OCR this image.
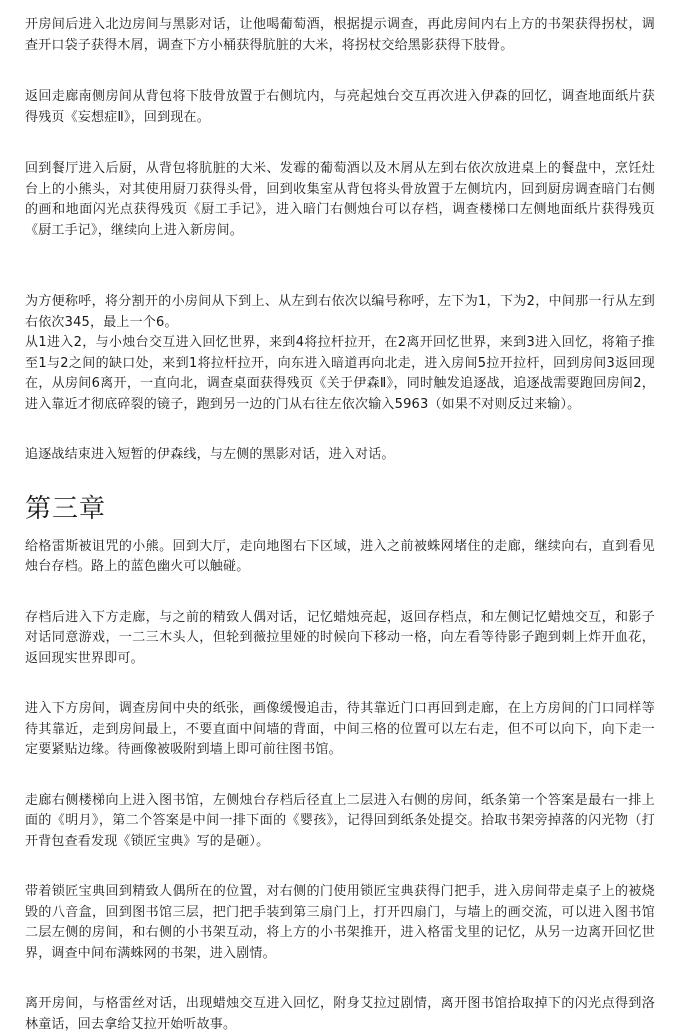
开房间后进入北边房间与黑影对话，让他喝葡萄酒，根据提示调查，再此房间内右上方的书架获得拐杖，调查开口袋子获得木屑，调查下方小桶获得肮脏的大米，将拐杖交给黑影获得下肢骨。

返回走廊南侧房间从背包将下肢骨放置于右侧坑内，与亮起烛台交互再次进入伊森的回忆，调查地面纸片获得残页《妄想症Ⅱ》，回到现在。

回到餐厅进入后厨，从背包将肮脏的大米、发霉的葡萄酒以及木屑从左到右依次放进桌上的餐盘中，烹饪灶台上的小熊头，对其使用厨刀获得头骨，回到收集室从背包将头骨放置于左侧坑内，回到厨房调查暗门右侧的画和地面闪光点获得残页《厨工手记》，进入暗门右侧烛台可以存档，调查楼梯口左侧地面纸片获得残页《厨工手记》，继续向上进入新房间。

为方便称呼，将分割开的小房间从下到上、从左到右依次以编号称呼，左下为1，下为2，中间那一行从左到右依次345，最上一个6。

从1进入2，与小烛台交互进入回忆世界，来到4将拉杆拉开，在2离开回忆世界，来到3进入回忆，将箱子推至1与2之间的缺口处，来到1将拉杆拉开，向东进入暗道再向北走，进入房间5拉开拉杆，回到房间3返回现在，从房间6离开，一直向北，调查桌面获得残页《关于伊森Ⅱ》，同时触发追逐战，追逐战需要跑回房间2，进入靠近才彻底碎裂的镜子，跑到另一边的门从右往左依次输入5963（如果不对则反过来输）。

追逐战结束进入短暂的伊森线，与左侧的黑影对话，进入对话。

第三章

给格雷斯被诅咒的小熊。回到大厅，走向地图右下区域，进入之前被蛛网堵住的走廊，继续向右，直到看见烛台存档。路上的蓝色幽火可以触碰。

存档后进入下方走廊，与之前的精致人偶对话，记忆蜡烛亮起，返回存档点，和左侧记忆蜡烛交互，和影子对话同意游戏，一二三木头人，但轮到薇拉里娅的时候向下移动一格，向左看等待影子跑到刺上炸开血花，返回现实世界即可。

进入下方房间，调查房间中央的纸张，画像缓慢追击，待其靠近门口再回到走廊，在上方房间的门口同样等待其靠近，走到房间最上，不要直面中间墙的背面，中间三格的位置可以左右走，但不可以向下，向下走一定要紧贴边缘。待画像被吸附到墙上即可前往图书馆。

走廊右侧楼梯向上进入图书馆，左侧烛台存档后径直上二层进入右侧的房间，纸条第一个答案是最右一排上面的《明月》，第二个答案是中间一排下面的《婴孩》，记得回到纸条处提交。拾取书架旁掉落的闪光物（打开背包查看发现《锁匠宝典》写的是砸）。

带着锁匠宝典回到精致人偶所在的位置，对右侧的门使用锁匠宝典获得门把手，进入房间带走桌子上的被烧毁的八音盒，回到图书馆三层，把门把手装到第三扇门上，打开四扇门，与墙上的画交流，可以进入图书馆二层左侧的房间，和右侧的小书架互动，将上方的小书架推开，进入格雷戈里的记忆，从另一边离开回忆世界，调查中间布满蛛网的书架，进入剧情。

离开房间，与格雷丝对话，出现蜡烛交互进入回忆，附身艾拉过剧情，离开图书馆拾取掉下的闪光点得到洛林童话，回去拿给艾拉开始听故事。
